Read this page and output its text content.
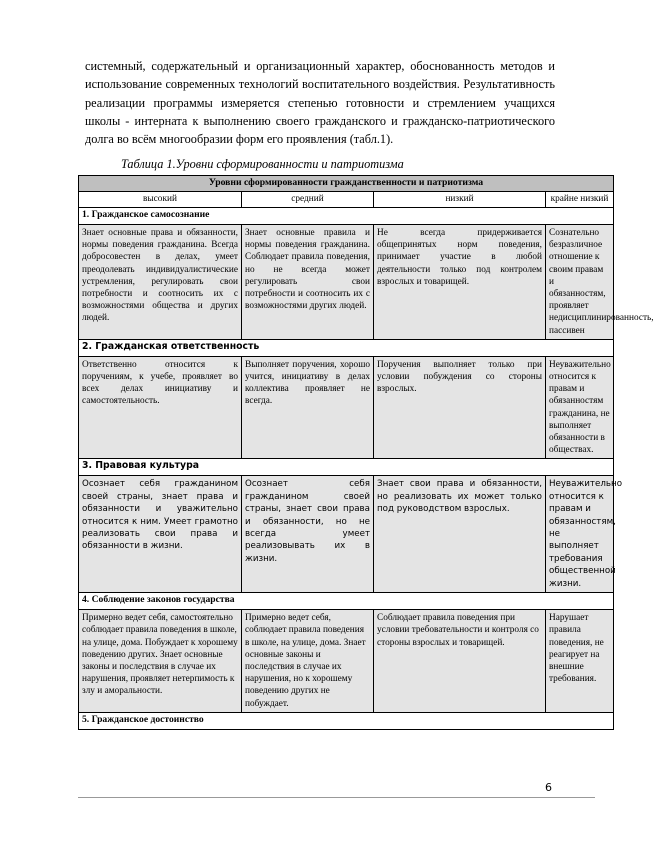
системный, содержательный и организационный характер, обоснованность методов и использование современных технологий воспитательного воздействия. Результативность реализации программы измеряется степенью готовности и стремлением учащихся школы - интерната к выполнению своего гражданского и гражданско-патриотического долга во всём многообразии форм его проявления (табл.1).

Таблица 1.Уровни сформированности и патриотизма
Уровни сформированности гражданственности и патриотизма			
высокий	средний	низкий	крайне низкий
1. Гражданское самосознание			
Знает основные права и обязанности, нормы поведения гражданина. Всегда добросовестен в делах, умеет преодолевать индивидуалистические устремления, регулировать свои потребности и соотносить их с возможностями общества и других людей.	Знает основные правила и нормы поведения гражданина. Соблюдает правила поведения, но не всегда может регулировать свои потребности и соотносить их с возможностями других людей.	Не всегда придерживается общепринятых норм поведения, принимает участие в любой деятельности только под контролем взрослых и товарищей.	Сознательно безразличное отношение к своим правам и обязанностям, проявляет недисциплинированность, пассивен
2. Гражданская ответственность			
Ответственно относится к поручениям, к учебе, проявляет во всех делах инициативу и самостоятельность.	Выполняет поручения, хорошо учится, инициативу в делах коллектива проявляет не всегда.	Поручения выполняет только при условии побуждения со стороны взрослых.	Неуважительно относится к правам и обязанностям гражданина, не выполняет обязанности в обществах.
3. Правовая культура			
Осознает себя гражданином своей страны, знает права и обязанности и уважительно относится к ним. Умеет грамотно реализовать свои права и обязанности в жизни.	Осознает себя гражданином своей страны, знает свои права и обязанности, но не всегда умеет реализовывать их в жизни.	Знает свои права и обязанности, но реализовать их может только под руководством взрослых.	Неуважительно относится к правам и обязанностям, не выполняет требования общественной жизни.
4. Соблюдение законов государства			
Примерно ведет себя, самостоятельно соблюдает правила поведения в школе, на улице, дома. Побуждает к хорошему поведению других. Знает основные законы и последствия в случае их нарушения, проявляет нетерпимость к злу и аморальности.	Примерно ведет себя, соблюдает правила поведения в школе, на улице, дома. Знает основные законы и последствия в случае их нарушения, но к хорошему поведению других не побуждает.	Соблюдает правила поведения при условии требовательности и контроля со стороны взрослых и товарищей.	Нарушает правила поведения, не реагирует на внешние требования.
5. Гражданское достоинство			
6
